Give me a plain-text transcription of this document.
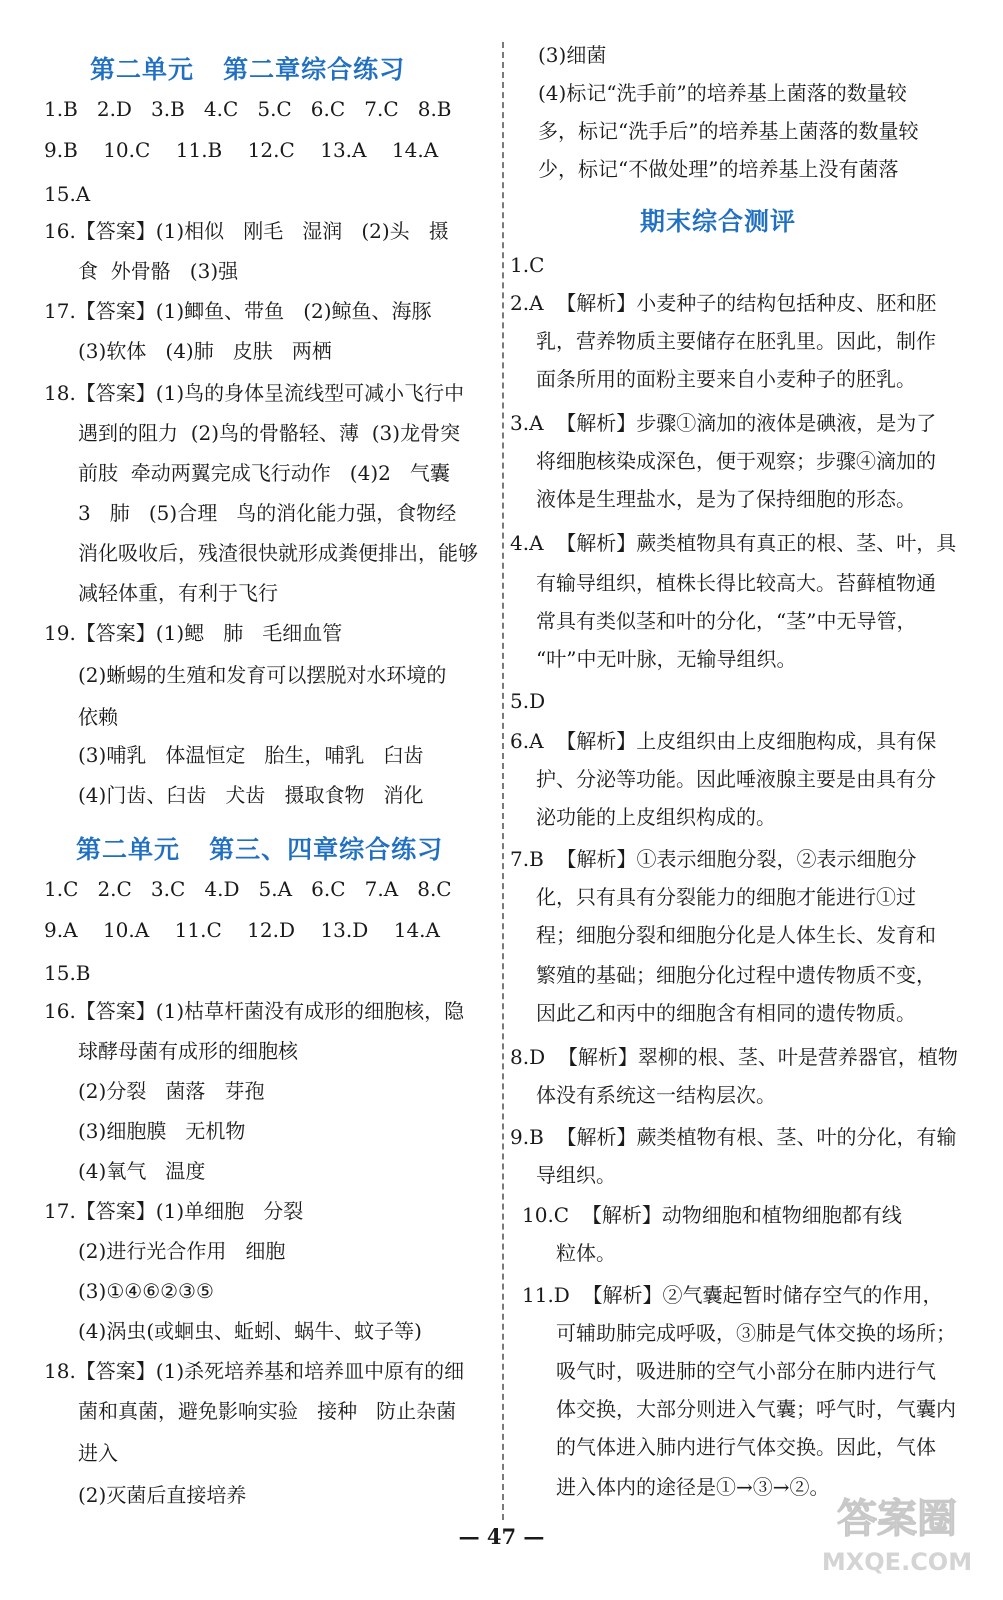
第二单元   第二章综合练习
1.B   2.D   3.B   4.C   5.C   6.C   7.C   8.B
9.B    10.C    11.B    12.C    13.A    14.A
15.A
16.【答案】(1)相似   刚毛   湿润   (2)头   摄
食  外骨骼   (3)强
17.【答案】(1)鲫鱼、带鱼   (2)鲸鱼、海豚
(3)软体   (4)肺   皮肤   两栖
18.【答案】(1)鸟的身体呈流线型可减小飞行中
遇到的阻力  (2)鸟的骨骼轻、薄  (3)龙骨突
前肢  牵动两翼完成飞行动作   (4)2   气囊
3   肺   (5)合理   鸟的消化能力强，食物经
消化吸收后，残渣很快就形成粪便排出，能够
减轻体重，有利于飞行
19.【答案】(1)鳃   肺   毛细血管
(2)蜥蜴的生殖和发育可以摆脱对水环境的
依赖
(3)哺乳   体温恒定   胎生，哺乳   臼齿
(4)门齿、臼齿   犬齿   摄取食物   消化
第二单元   第三、四章综合练习
1.C   2.C   3.C   4.D   5.A   6.C   7.A   8.C
9.A    10.A    11.C    12.D    13.D    14.A
15.B
16.【答案】(1)枯草杆菌没有成形的细胞核，隐
球酵母菌有成形的细胞核
(2)分裂   菌落   芽孢
(3)细胞膜   无机物
(4)氧气   温度
17.【答案】(1)单细胞   分裂
(2)进行光合作用   细胞
(3)①④⑥②③⑤
(4)涡虫(或蛔虫、蚯蚓、蜗牛、蚊子等)
18.【答案】(1)杀死培养基和培养皿中原有的细
菌和真菌，避免影响实验   接种   防止杂菌
进入
(2)灭菌后直接培养
(3)细菌
(4)标记“洗手前”的培养基上菌落的数量较
多，标记“洗手后”的培养基上菌落的数量较
少，标记“不做处理”的培养基上没有菌落
期末综合测评
1.C
2.A  【解析】小麦种子的结构包括种皮、胚和胚
乳，营养物质主要储存在胚乳里。因此，制作
面条所用的面粉主要来自小麦种子的胚乳。
3.A  【解析】步骤①滴加的液体是碘液，是为了
将细胞核染成深色，便于观察；步骤④滴加的
液体是生理盐水，是为了保持细胞的形态。
4.A  【解析】蕨类植物具有真正的根、茎、叶，具
有输导组织，植株长得比较高大。苔藓植物通
常具有类似茎和叶的分化，“茎”中无导管，
“叶”中无叶脉，无输导组织。
5.D
6.A  【解析】上皮组织由上皮细胞构成，具有保
护、分泌等功能。因此唾液腺主要是由具有分
泌功能的上皮组织构成的。
7.B  【解析】①表示细胞分裂，②表示细胞分
化，只有具有分裂能力的细胞才能进行①过
程；细胞分裂和细胞分化是人体生长、发育和
繁殖的基础；细胞分化过程中遗传物质不变，
因此乙和丙中的细胞含有相同的遗传物质。
8.D  【解析】翠柳的根、茎、叶是营养器官，植物
体没有系统这一结构层次。
9.B  【解析】蕨类植物有根、茎、叶的分化，有输
导组织。
10.C  【解析】动物细胞和植物细胞都有线
粒体。
11.D  【解析】②气囊起暂时储存空气的作用，
可辅助肺完成呼吸，③肺是气体交换的场所；
吸气时，吸进肺的空气小部分在肺内进行气
体交换，大部分则进入气囊；呼气时，气囊内
的气体进入肺内进行气体交换。因此，气体
进入体内的途径是①→③→②。
— 47 —	答案圈
MXQE.COM
